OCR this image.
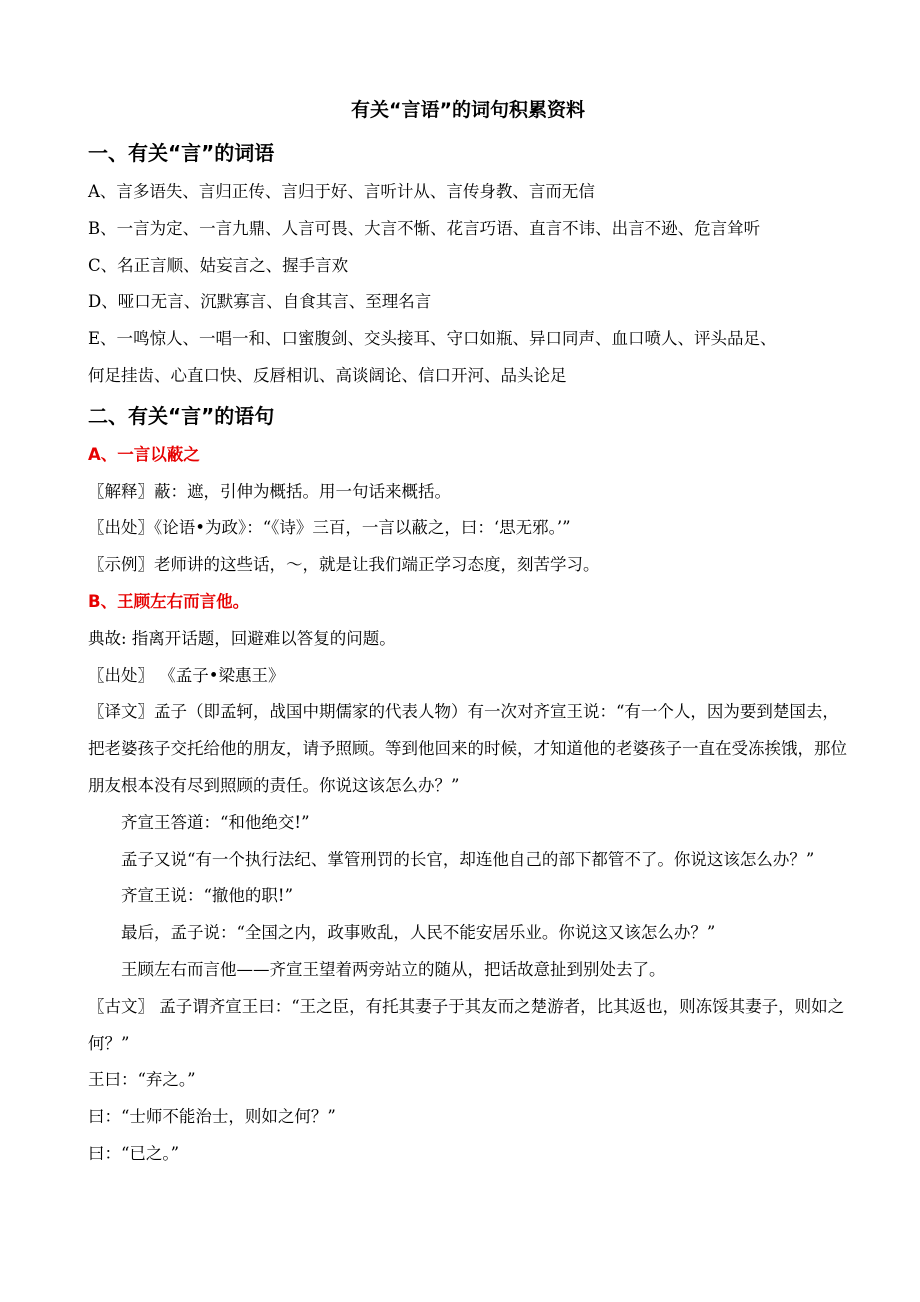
有关“言语”的词句积累资料
一、有关“言”的词语
A、言多语失、言归正传、言归于好、言听计从、言传身教、言而无信
B、一言为定、一言九鼎、人言可畏、大言不惭、花言巧语、直言不讳、出言不逊、危言耸听
C、名正言顺、姑妄言之、握手言欢
D、哑口无言、沉默寡言、自食其言、至理名言
E、一鸣惊人、一唱一和、口蜜腹剑、交头接耳、守口如瓶、异口同声、血口喷人、评头品足、
何足挂齿、心直口快、反唇相讥、高谈阔论、信口开河、品头论足
二、有关“言”的语句
A、一言以蔽之
〖解释〗蔽：遮，引伸为概括。用一句话来概括。
〖出处〗《论语•为政》：“《诗》三百，一言以蔽之，曰：‘思无邪。’”
〖示例〗老师讲的这些话，～，就是让我们端正学习态度，刻苦学习。
B、王顾左右而言他。
典故: 指离开话题，回避难以答复的问题。
〖出处〗 《孟子•梁惠王》
〖译文〗孟子（即孟轲，战国中期儒家的代表人物）有一次对齐宣王说：“有一个人，因为要到楚国去，把老婆孩子交托给他的朋友，请予照顾。等到他回来的时候，才知道他的老婆孩子一直在受冻挨饿，那位朋友根本没有尽到照顾的责任。你说这该怎么办？”
齐宣王答道：“和他绝交!”
孟子又说“有一个执行法纪、掌管刑罚的长官，却连他自己的部下都管不了。你说这该怎么办？”
齐宣王说：“撤他的职!”
最后，孟子说：“全国之内，政事败乱，人民不能安居乐业。你说这又该怎么办？”
王顾左右而言他——齐宣王望着两旁站立的随从，把话故意扯到别处去了。
〖古文〗 孟子谓齐宣王曰：“王之臣，有托其妻子于其友而之楚游者，比其返也，则冻馁其妻子，则如之何？”
王曰：“弃之。”
曰：“士师不能治士，则如之何？”
曰：“已之。”
